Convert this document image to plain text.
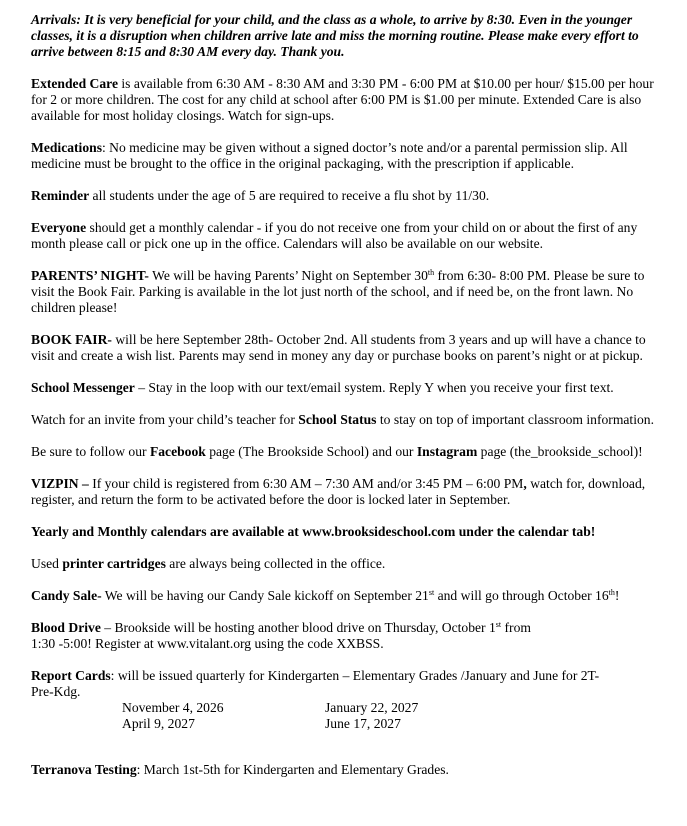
Arrivals: It is very beneficial for your child, and the class as a whole, to arrive by 8:30. Even in the younger classes, it is a disruption when children arrive late and miss the morning routine. Please make every effort to arrive between 8:15 and 8:30 AM every day. Thank you.

Extended Care is available from 6:30 AM - 8:30 AM and 3:30 PM - 6:00 PM at $10.00 per hour/ $15.00 per hour for 2 or more children. The cost for any child at school after 6:00 PM is $1.00 per minute. Extended Care is also available for most holiday closings. Watch for sign-ups.

Medications: No medicine may be given without a signed doctor’s note and/or a parental permission slip. All medicine must be brought to the office in the original packaging, with the prescription if applicable.

Reminder all students under the age of 5 are required to receive a flu shot by 11/30.

Everyone should get a monthly calendar - if you do not receive one from your child on or about the first of any month please call or pick one up in the office. Calendars will also be available on our website.

PARENTS’ NIGHT- We will be having Parents’ Night on September 30th from 6:30- 8:00 PM. Please be sure to visit the Book Fair. Parking is available in the lot just north of the school, and if need be, on the front lawn. No children please!

BOOK FAIR- will be here September 28th- October 2nd. All students from 3 years and up will have a chance to visit and create a wish list. Parents may send in money any day or purchase books on parent’s night or at pickup.

School Messenger – Stay in the loop with our text/email system. Reply Y when you receive your first text.

Watch for an invite from your child’s teacher for School Status to stay on top of important classroom information.

Be sure to follow our Facebook page (The Brookside School) and our Instagram page (the_brookside_school)!

VIZPIN – If your child is registered from 6:30 AM – 7:30 AM and/or 3:45 PM – 6:00 PM, watch for, download, register, and return the form to be activated before the door is locked later in September.

Yearly and Monthly calendars are available at www.brooksideschool.com under the calendar tab!

Used printer cartridges are always being collected in the office.

Candy Sale- We will be having our Candy Sale kickoff on September 21st and will go through October 16th!

Blood Drive – Brookside will be hosting another blood drive on Thursday, October 1st from
1:30 -5:00! Register at www.vitalant.org using the code XXBSS.

Report Cards: will be issued quarterly for Kindergarten – Elementary Grades /January and June for 2T-Pre-Kdg.

November 4, 2026	January 22, 2027
April 9, 2027	June 17, 2027

Terranova Testing: March 1st-5th for Kindergarten and Elementary Grades.
